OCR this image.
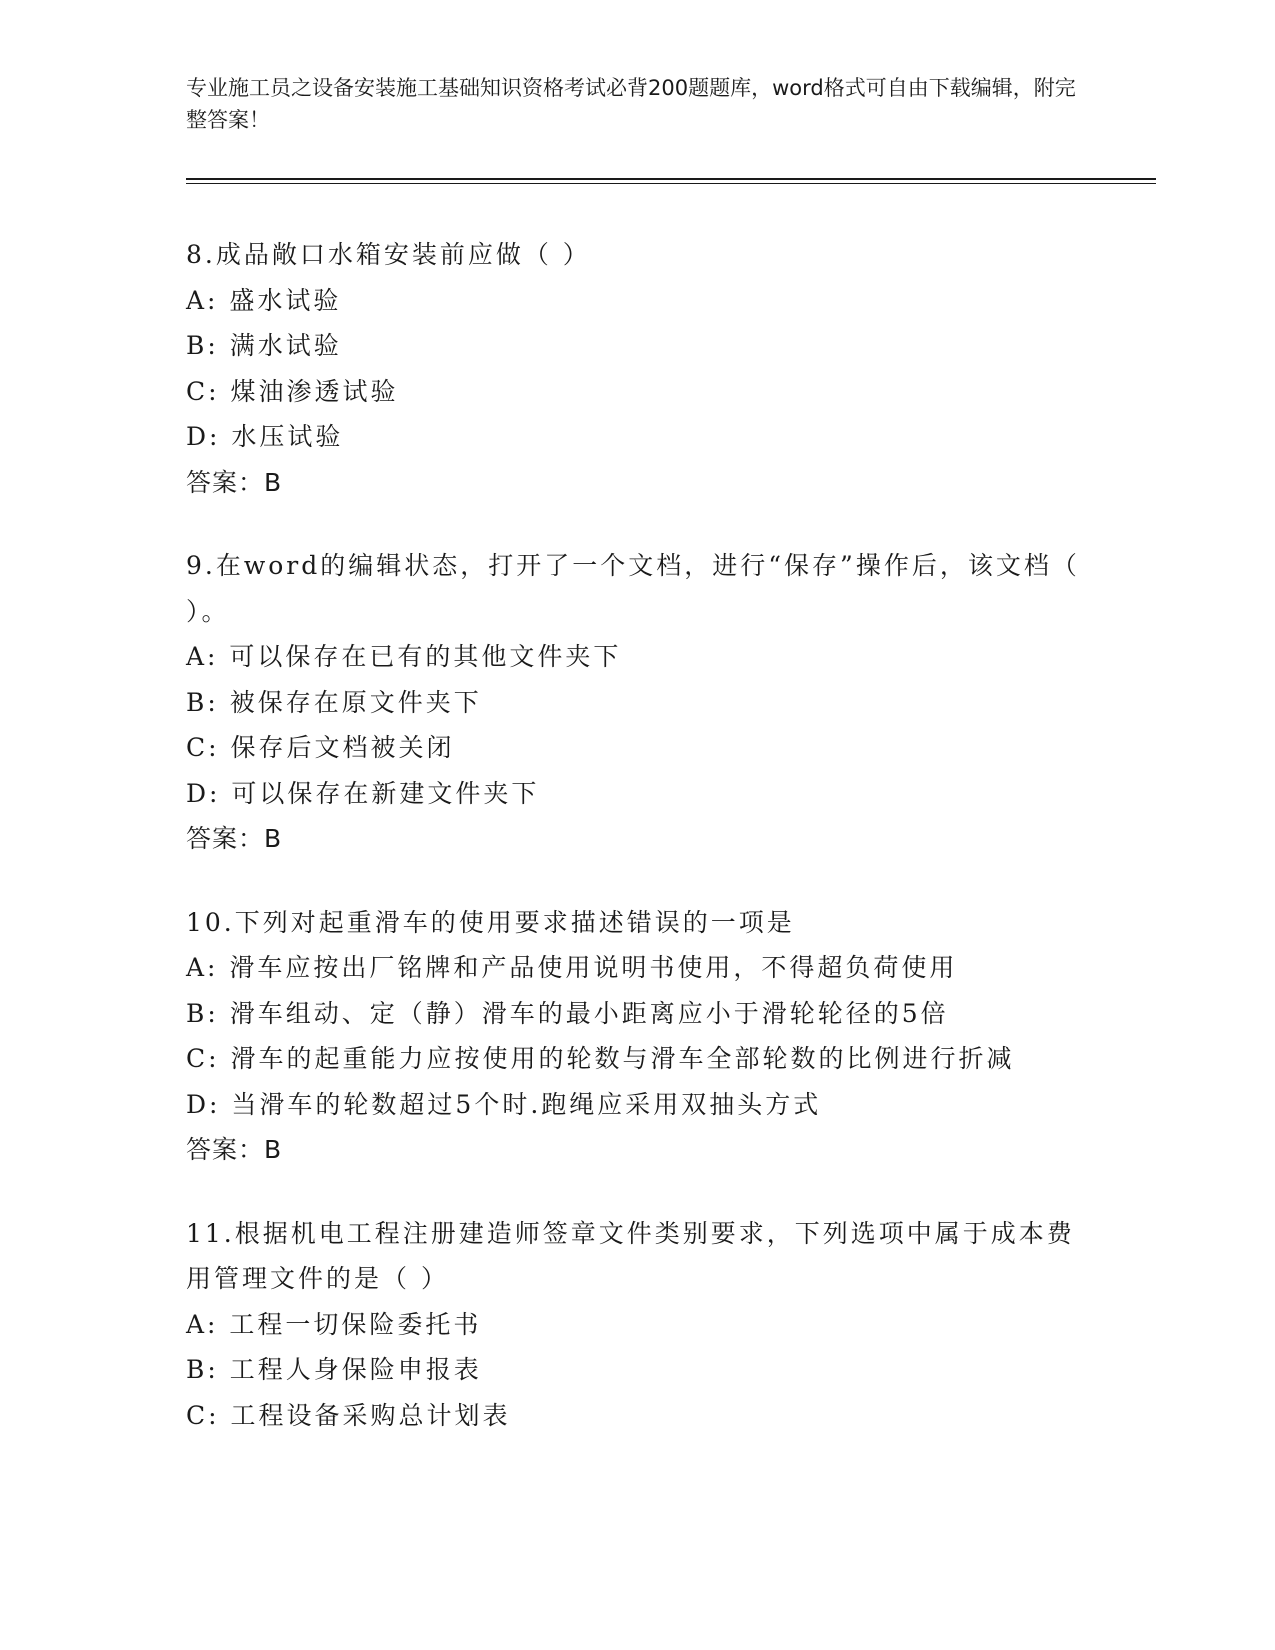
专业施工员之设备安装施工基础知识资格考试必背200题题库，word格式可自由下载编辑，附完整答案！

8.成品敞口水箱安装前应做（ ）

A: 盛水试验

B: 满水试验

C: 煤油渗透试验

D: 水压试验

答案：B

9.在word的编辑状态，打开了一个文档，进行“保存”操作后，该文档（ ）。

A: 可以保存在已有的其他文件夹下

B: 被保存在原文件夹下

C: 保存后文档被关闭

D: 可以保存在新建文件夹下

答案：B

10.下列对起重滑车的使用要求描述错误的一项是

A: 滑车应按出厂铭牌和产品使用说明书使用，不得超负荷使用

B: 滑车组动、定（静）滑车的最小距离应小于滑轮轮径的5倍

C: 滑车的起重能力应按使用的轮数与滑车全部轮数的比例进行折减

D: 当滑车的轮数超过5个时.跑绳应采用双抽头方式

答案：B

11.根据机电工程注册建造师签章文件类别要求，下列选项中属于成本费用管理文件的是（ ）

A: 工程一切保险委托书

B: 工程人身保险申报表

C: 工程设备采购总计划表
